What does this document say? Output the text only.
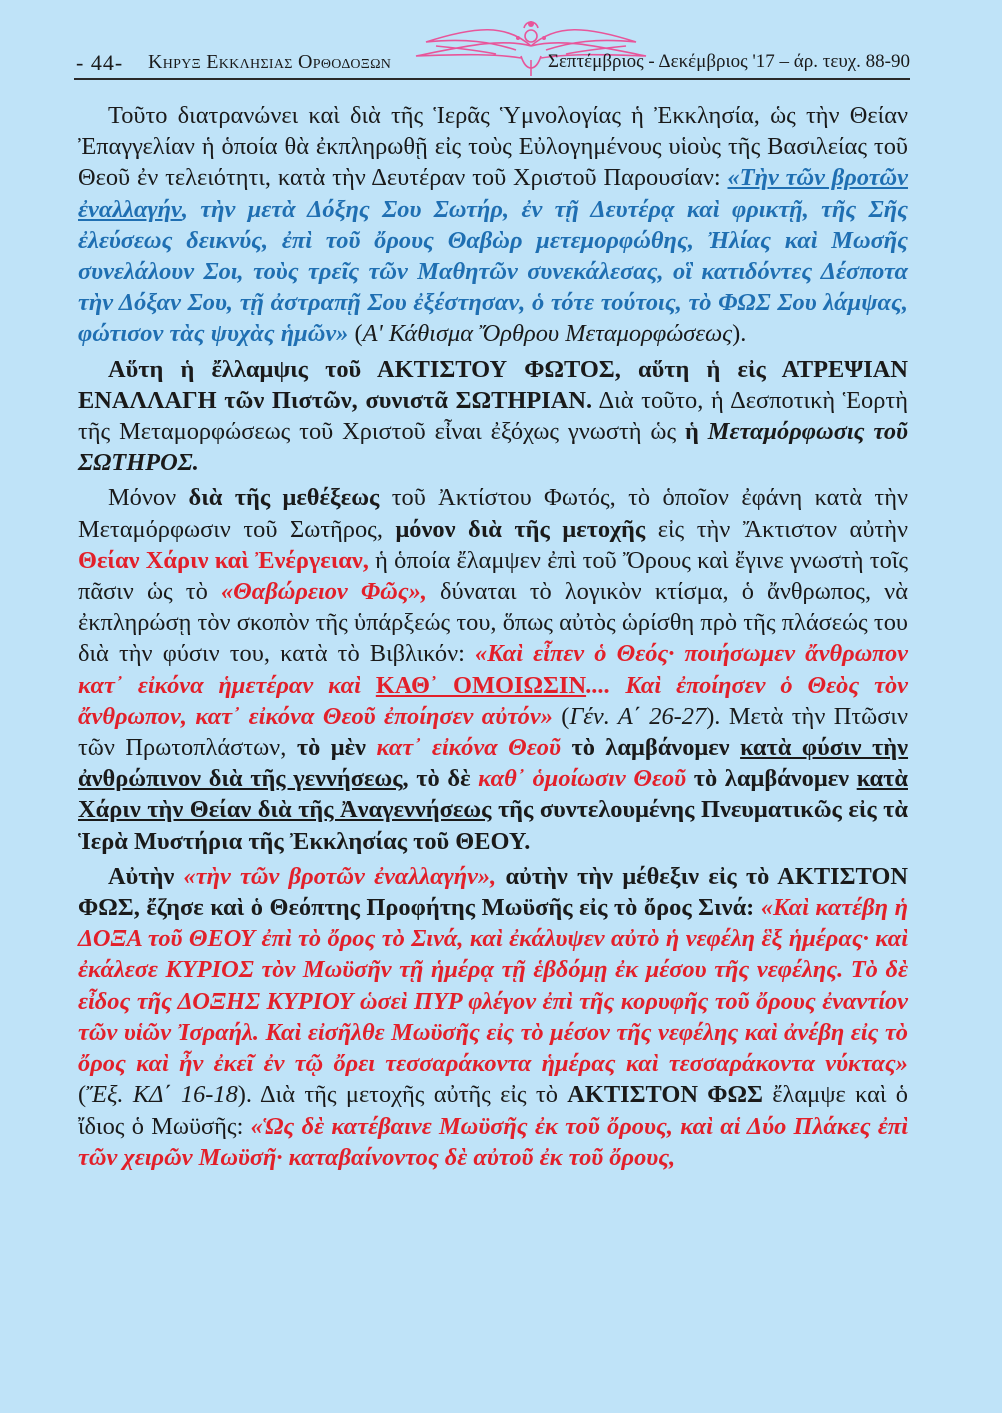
- 44- Κηρυξ Εκκλησιας Ορθοδοξων	Σεπτέμβριος - Δεκέμβριος '17 – άρ. τευχ. 88-90

Τοῦτο διατρανώνει καὶ διὰ τῆς Ἱερᾶς Ὑμνολογίας ἡ Ἐκκλησία, ὡς τὴν Θείαν Ἐπαγγελίαν ἡ ὁποία θὰ ἐκπληρωθῇ εἰς τοὺς Εὐλογημένους υἱοὺς τῆς Βασιλείας τοῦ Θεοῦ ἐν τελειότητι, κατὰ τὴν Δευτέραν τοῦ Χριστοῦ Παρουσίαν: «Τὴν τῶν βροτῶν ἐναλλαγήν, τὴν μετὰ Δόξης Σου Σωτήρ, ἐν τῇ Δευτέρᾳ καὶ φρικτῇ, τῆς Σῆς ἐλεύσεως δεικνύς, ἐπὶ τοῦ ὄρους Θαβὼρ μετεμορφώθης, Ἠλίας καὶ Μωσῆς συνελάλουν Σοι, τοὺς τρεῖς τῶν Μαθητῶν συνεκάλεσας, οἳ κατιδόντες Δέσποτα τὴν Δόξαν Σου, τῇ ἀστραπῇ Σου ἐξέστησαν, ὁ τότε τούτοις, τὸ ΦΩΣ Σου λάμψας, φώτισον τὰς ψυχὰς ἡμῶν» (Α' Κάθισμα Ὄρθρου Μεταμορφώσεως).

Αὕτη ἡ ἔλλαμψις τοῦ ΑΚΤΙΣΤΟΥ ΦΩΤΟΣ, αὕτη ἡ εἰς ΑΤΡΕΨΙΑΝ ΕΝΑΛΛΑΓΗ τῶν Πιστῶν, συνιστᾶ ΣΩΤΗΡΙΑΝ. Διὰ τοῦτο, ἡ Δεσποτικὴ Ἑορτὴ τῆς Μεταμορφώσεως τοῦ Χριστοῦ εἶναι ἐξόχως γνωστὴ ὡς ἡ Μεταμόρφωσις τοῦ ΣΩΤΗΡΟΣ.

Μόνον διὰ τῆς μεθέξεως τοῦ Ἀκτίστου Φωτός, τὸ ὁποῖον ἐφάνη κατὰ τὴν Μεταμόρφωσιν τοῦ Σωτῆρος, μόνον διὰ τῆς μετοχῆς εἰς τὴν Ἄκτιστον αὐτὴν Θείαν Χάριν καὶ Ἐνέργειαν, ἡ ὁποία ἔλαμψεν ἐπὶ τοῦ Ὄρους καὶ ἔγινε γνωστὴ τοῖς πᾶσιν ὡς τὸ «Θαβώρειον Φῶς», δύναται τὸ λογικὸν κτίσμα, ὁ ἄνθρωπος, νὰ ἐκπληρώσῃ τὸν σκοπὸν τῆς ὑπάρξεώς του, ὅπως αὐτὸς ὡρίσθη πρὸ τῆς πλάσεώς του διὰ τὴν φύσιν του, κατὰ τὸ Βιβλικόν: «Καὶ εἶπεν ὁ Θεός· ποιήσωμεν ἄνθρωπον κατ᾽ εἰκόνα ἡμετέραν καὶ ΚΑΘ᾽ ΟΜΟΙΩΣΙΝ.... Καὶ ἐποίησεν ὁ Θεὸς τὸν ἄνθρωπον, κατ᾽ εἰκόνα Θεοῦ ἐποίησεν αὐτόν» (Γέν. Α΄ 26-27). Μετὰ τὴν Πτῶσιν τῶν Πρωτοπλάστων, τὸ μὲν κατ᾽ εἰκόνα Θεοῦ τὸ λαμβάνομεν κατὰ φύσιν τὴν ἀνθρώπινον διὰ τῆς γεννήσεως, τὸ δὲ καθ᾽ ὁμοίωσιν Θεοῦ τὸ λαμβάνομεν κατὰ Χάριν τὴν Θείαν διὰ τῆς Ἀναγεννήσεως τῆς συντελουμένης Πνευματικῶς εἰς τὰ Ἱερὰ Μυστήρια τῆς Ἐκκλησίας τοῦ ΘΕΟΥ.

Αὐτὴν «τὴν τῶν βροτῶν ἐναλλαγήν», αὐτὴν τὴν μέθεξιν εἰς τὸ ΑΚΤΙΣΤΟΝ ΦΩΣ, ἔζησε καὶ ὁ Θεόπτης Προφήτης Μωϋσῆς εἰς τὸ ὄρος Σινά: «Καὶ κατέβη ἡ ΔΟΞΑ τοῦ ΘΕΟΥ ἐπὶ τὸ ὄρος τὸ Σινά, καὶ ἐκάλυψεν αὐτὸ ἡ νεφέλη ἓξ ἡμέρας· καὶ ἐκάλεσε ΚΥΡΙΟΣ τὸν Μωϋσῆν τῇ ἡμέρᾳ τῇ ἑβδόμῃ ἐκ μέσου τῆς νεφέλης. Τὸ δὲ εἶδος τῆς ΔΟΞΗΣ ΚΥΡΙΟΥ ὡσεὶ ΠΥΡ φλέγον ἐπὶ τῆς κορυφῆς τοῦ ὄρους ἐναντίον τῶν υἱῶν Ἰσραήλ. Καὶ εἰσῆλθε Μωϋσῆς εἰς τὸ μέσον τῆς νεφέλης καὶ ἀνέβη εἰς τὸ ὄρος καὶ ἦν ἐκεῖ ἐν τῷ ὄρει τεσσαράκοντα ἡμέρας καὶ τεσσαράκοντα νύκτας» (Ἔξ. ΚΔ΄ 16-18). Διὰ τῆς μετοχῆς αὐτῆς εἰς τὸ ΑΚΤΙΣΤΟΝ ΦΩΣ ἔλαμψε καὶ ὁ ἴδιος ὁ Μωϋσῆς: «Ὡς δὲ κατέβαινε Μωϋσῆς ἐκ τοῦ ὄρους, καὶ αἱ Δύο Πλάκες ἐπὶ τῶν χειρῶν Μωϋσῆ· καταβαίνοντος δὲ αὐτοῦ ἐκ τοῦ ὄρους,
